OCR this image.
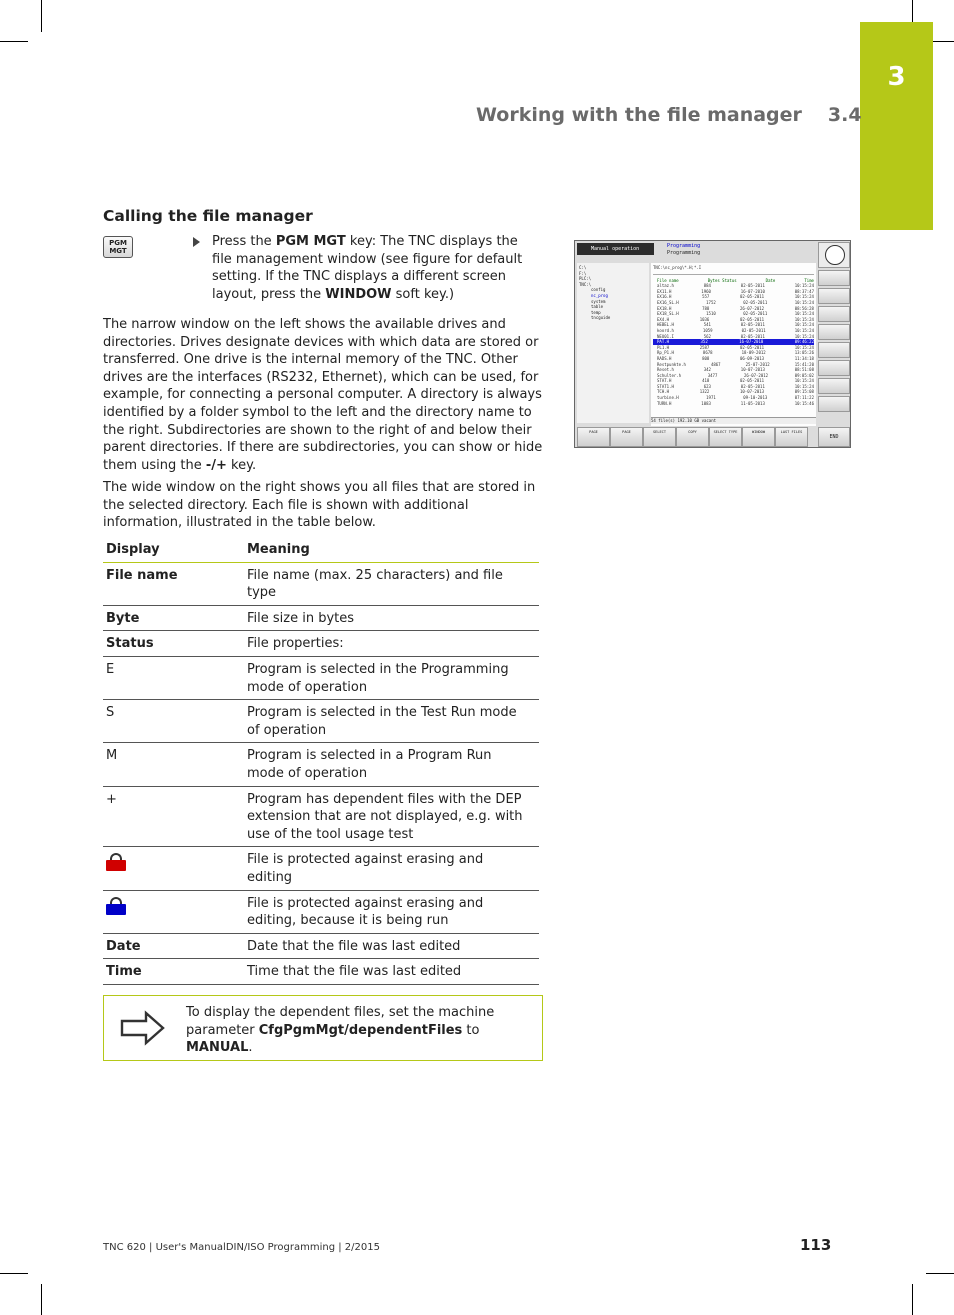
3
Working with the file manager 3.4
Calling the file manager
PGM
MGT
Press the PGM MGT key: The TNC displays the file management window (see figure for default setting. If the TNC displays a different screen layout, press the WINDOW soft key.)
The narrow window on the left shows the available drives and directories. Drives designate devices with which data are stored or transferred. One drive is the internal memory of the TNC. Other drives are the interfaces (RS232, Ethernet), which can be used, for example, for connecting a personal computer. A directory is always identified by a folder symbol to the left and the directory name to the right. Subdirectories are shown to the right of and below their parent directories. If there are subdirectories, you can show or hide them using the -/+ key.
The wide window on the right shows you all files that are stored in the selected directory. Each file is shown with additional information, illustrated in the table below.
Display	Meaning
File name	File name (max. 25 characters) and file type
Byte	File size in bytes
Status	File properties:
E	Program is selected in the Programming mode of operation
S	Program is selected in the Test Run mode of operation
M	Program is selected in a Program Run mode of operation
+	Program has dependent files with the DEP extension that are not displayed, e.g. with use of the tool usage test
File is protected against erasing and editing
File is protected against erasing and editing, because it is being run
Date	Date that the file was last edited
Time	Time that the file was last edited
To display the dependent files, set the machine parameter CfgPgmMgt/dependentFiles to MANUAL.
Manual operation	Programming
Programming
C:\
F:\
PLC:\
TNC:\
config
nc_prog
system
table
temp
tncguide
TNC:\nc_prog\*.H;*.I
File name	Bytes Status	Date	Time
altaz.h	884	02-05-2011	10:15:24
EX11.H	1960	16-07-2010	08:37:47
EX16.H	557	02-05-2011	10:15:24
EX16_SL.H	1752	02-05-2011	10:15:24
EX18.H	788	26-07-2012	08:56:28
EX18_SL.H	1510	02-05-2011	10:15:24
EX4.H	1036	02-05-2011	10:15:24
HEBEL.H	541	02-05-2011	10:15:24
koord.h	1059	02-05-2011	10:15:24
NEU01.I	562	02-05-2011	10:15:24
PAT.H	352	16-07-2010	09:46:22
PL1.H	2587	02-05-2011	10:15:24
Rp_P1.H	8678	18-09-2012	13:05:26
RADS.H	808	06-09-2013	11:34:18
Restpunkte.h	4867	25-07-2012	15:41:20
Reset.h	342	10-07-2013	08:51:08
Schulter.h	3477	26-07-2012	09:05:02
STAT.H	418	02-05-2011	10:15:24
STAT1.H	623	02-05-2011	10:15:24
TCH.H	1322	10-07-2013	09:15:08
turbine.H	1971	09-10-2013	07:11:22
TURN.H	1083	11-05-2013	10:15:46
54 file(s) 192.10 GB vacant
PAGE	PAGE	SELECT	COPY	SELECT TYPE	WINDOW	LAST FILES
END
TNC 620 | User's ManualDIN/ISO Programming | 2/2015	113
